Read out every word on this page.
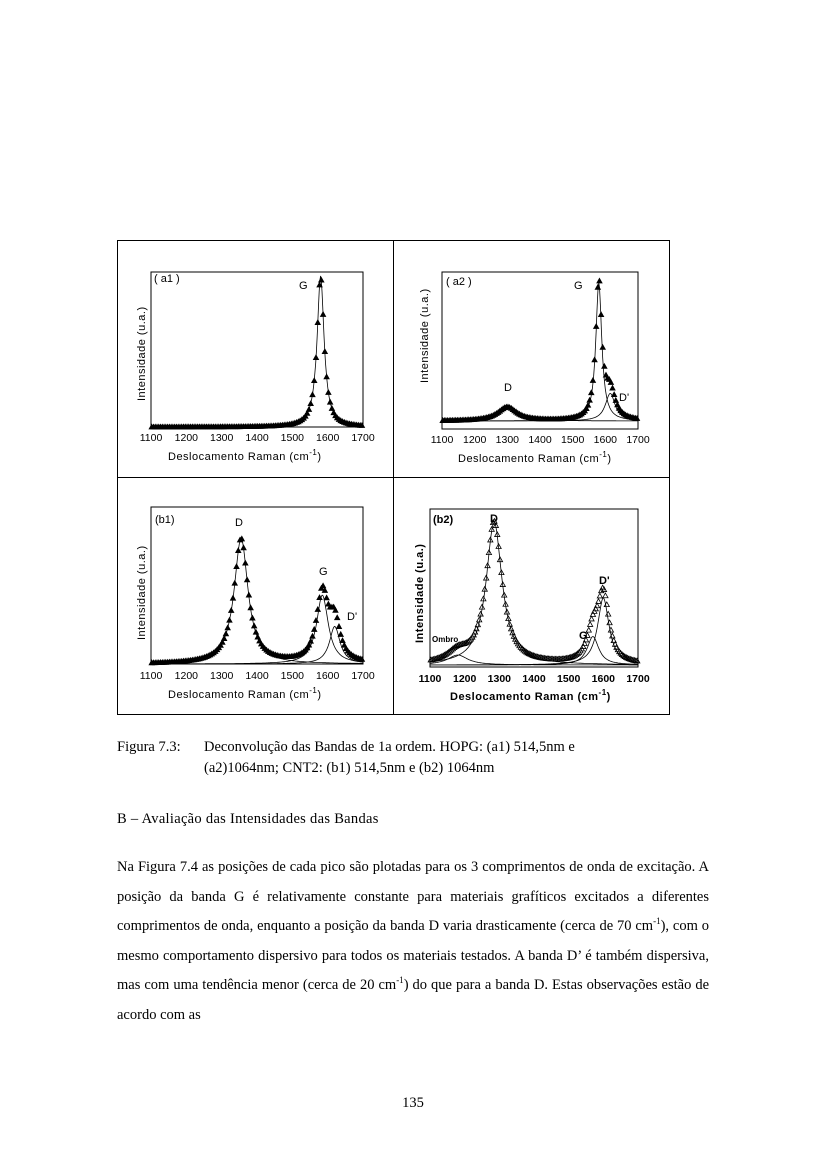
( a1 )
G
Intensidade (u.a.)
1100 1200 1300 1400 1500 1600 1700
Deslocamento Raman $(cm^{-1})$
( a2 )	G
D
D'
Intensidade (u.a.)
1100 1200 1300 1400 1500 1600 1700
Deslocamento Raman $(cm^{-1})$
(b1)	D
G
D'
Intensidade (u.a.)
1100 1200 1300 1400 1500 1600 1700
Deslocamento Raman $(cm^{-1})$
(b2)	D
D'
G
Ombro
Intensidade (u.a.)
1100 1200 1300 1400 1500 1600 1700
Deslocamento Raman $(cm^{-1})$
Figura 7.3: Deconvolução das Bandas de 1a ordem. HOPG: (a1) 514,5nm e
(a2)1064nm; CNT2: (b1) 514,5nm e (b2) 1064nm
B – Avaliação das Intensidades das Bandas
Na Figura 7.4 as posições de cada pico são plotadas para os 3 comprimentos de onda de excitação. A posição da banda G é relativamente constante para materiais grafíticos excitados a diferentes comprimentos de onda, enquanto a posição da banda D varia drasticamente (cerca de 70 $cm^{-1}$), com o mesmo comportamento dispersivo para todos os materiais testados. A banda D’ é também dispersiva, mas com uma tendência menor (cerca de 20 $cm^{-1}$) do que para a banda D. Estas observações estão de acordo com as
135
